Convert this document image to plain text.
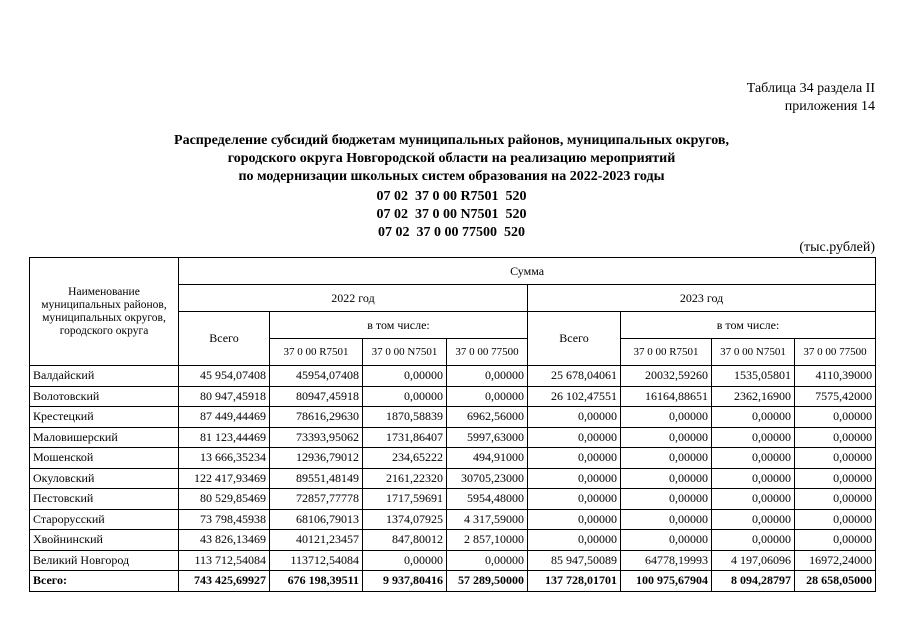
Таблица 34 раздела II
приложения 14
Распределение субсидий бюджетам муниципальных районов, муниципальных округов,
городского округа Новгородской области на реализацию мероприятий
по модернизации школьных систем образования на 2022-2023 годы
07 02  37 0 00 R7501  520
07 02  37 0 00 N7501  520
07 02  37 0 00 77500  520
(тыс.рублей)
Наименование муниципальных районов, муниципальных округов, городского округа	Сумма							
	2022 год				2023 год			
	Всего	в том числе:			Всего	в том числе:		
		37 0 00 R7501	37 0 00 N7501	37 0 00 77500		37 0 00 R7501	37 0 00 N7501	37 0 00 77500
Валдайский	45 954,07408	45954,07408	0,00000	0,00000	25 678,04061	20032,59260	1535,05801	4110,39000
Волотовский	80 947,45918	80947,45918	0,00000	0,00000	26 102,47551	16164,88651	2362,16900	7575,42000
Крестецкий	87 449,44469	78616,29630	1870,58839	6962,56000	0,00000	0,00000	0,00000	0,00000
Маловишерский	81 123,44469	73393,95062	1731,86407	5997,63000	0,00000	0,00000	0,00000	0,00000
Мошенской	13 666,35234	12936,79012	234,65222	494,91000	0,00000	0,00000	0,00000	0,00000
Окуловский	122 417,93469	89551,48149	2161,22320	30705,23000	0,00000	0,00000	0,00000	0,00000
Пестовский	80 529,85469	72857,77778	1717,59691	5954,48000	0,00000	0,00000	0,00000	0,00000
Старорусский	73 798,45938	68106,79013	1374,07925	4 317,59000	0,00000	0,00000	0,00000	0,00000
Хвойнинский	43 826,13469	40121,23457	847,80012	2 857,10000	0,00000	0,00000	0,00000	0,00000
Великий Новгород	113 712,54084	113712,54084	0,00000	0,00000	85 947,50089	64778,19993	4 197,06096	16972,24000
Всего:	743 425,69927	676 198,39511	9 937,80416	57 289,50000	137 728,01701	100 975,67904	8 094,28797	28 658,05000
